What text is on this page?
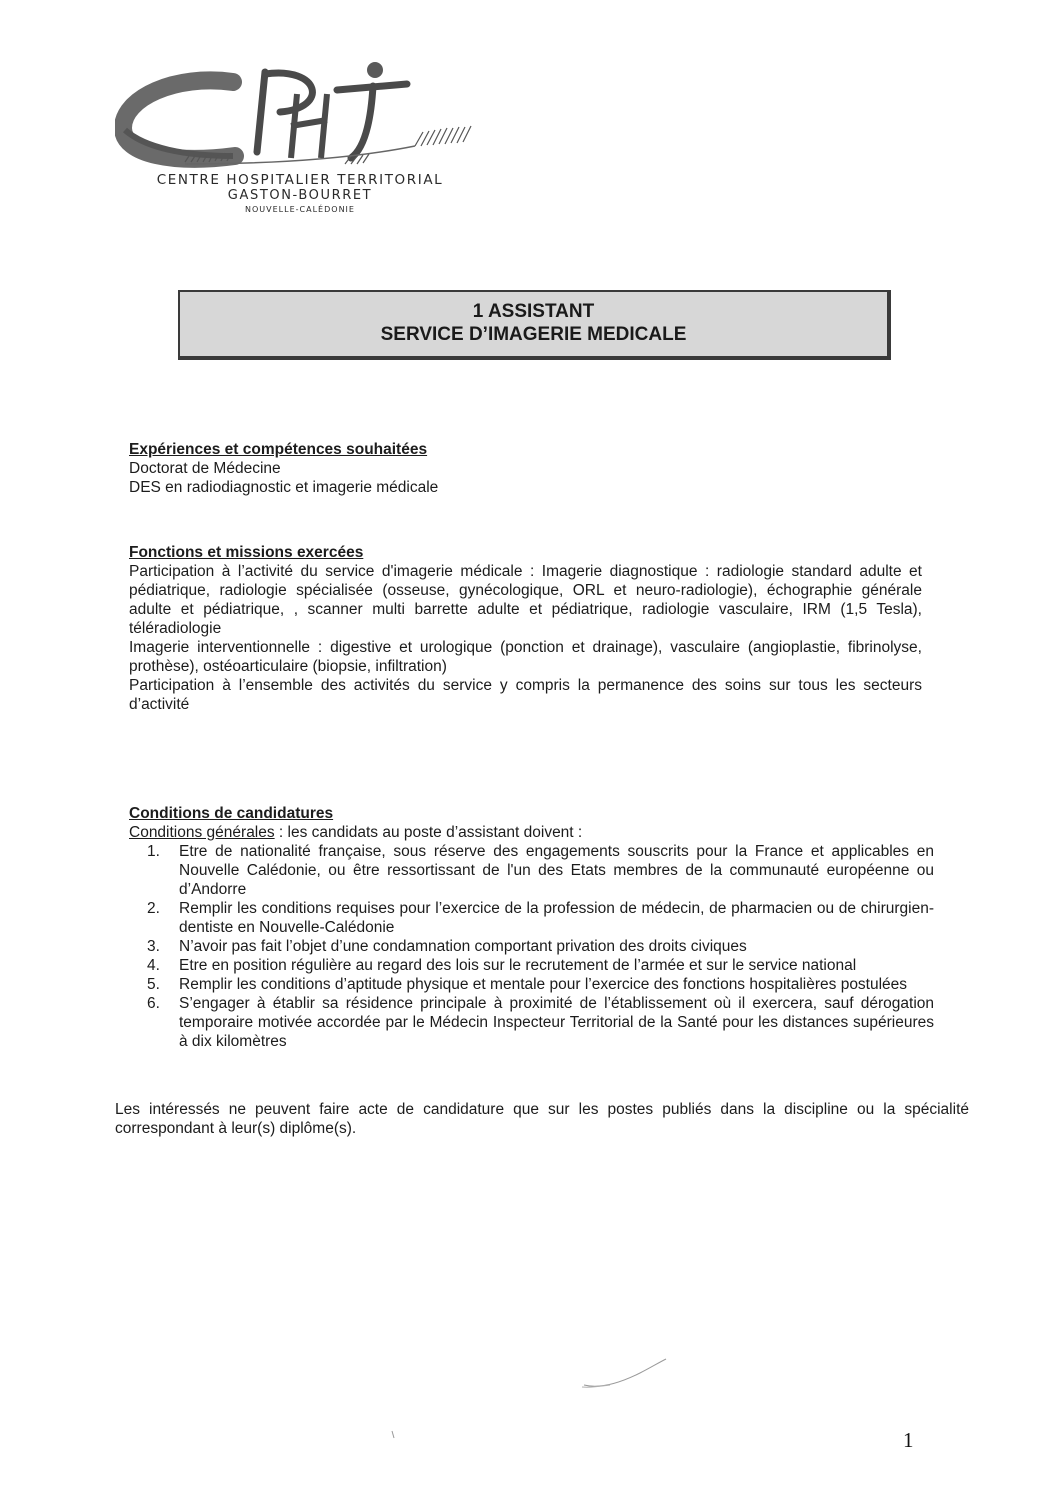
CENTRE HOSPITALIER TERRITORIAL
GASTON-BOURRET
NOUVELLE-CALÉDONIE
1 ASSISTANT
SERVICE D’IMAGERIE MEDICALE
Expériences et compétences souhaitées
Doctorat de Médecine
DES en radiodiagnostic et imagerie médicale
Fonctions et missions exercées
Participation à l’activité du service d'imagerie médicale : Imagerie diagnostique : radiologie standard adulte et pédiatrique, radiologie spécialisée (osseuse, gynécologique, ORL et neuro-radiologie), échographie générale adulte et pédiatrique, , scanner multi barrette adulte et pédiatrique, radiologie vasculaire, IRM (1,5 Tesla), téléradiologie
Imagerie interventionnelle : digestive et urologique (ponction et drainage), vasculaire (angioplastie, fibrinolyse, prothèse), ostéoarticulaire (biopsie, infiltration)
Participation à l’ensemble des activités du service y compris la permanence des soins sur tous les secteurs d’activité
Conditions de candidatures
Conditions générales : les candidats au poste d’assistant doivent :
1. Etre de nationalité française, sous réserve des engagements souscrits pour la France et applicables en Nouvelle Calédonie, ou être ressortissant de l'un des Etats membres de la communauté européenne ou d’Andorre
2. Remplir les conditions requises pour l’exercice de la profession de médecin, de pharmacien ou de chirurgien-dentiste en Nouvelle-Calédonie
3. N’avoir pas fait l’objet d’une condamnation comportant privation des droits civiques
4. Etre en position régulière au regard des lois sur le recrutement de l’armée et sur le service national
5. Remplir les conditions d’aptitude physique et mentale pour l’exercice des fonctions hospitalières postulées
6. S’engager à établir sa résidence principale à proximité de l’établissement où il exercera, sauf dérogation temporaire motivée accordée par le Médecin Inspecteur Territorial de la Santé pour les distances supérieures à dix kilomètres
Les intéressés ne peuvent faire acte de candidature que sur les postes publiés dans la discipline ou la spécialité correspondant à leur(s) diplôme(s).
1
